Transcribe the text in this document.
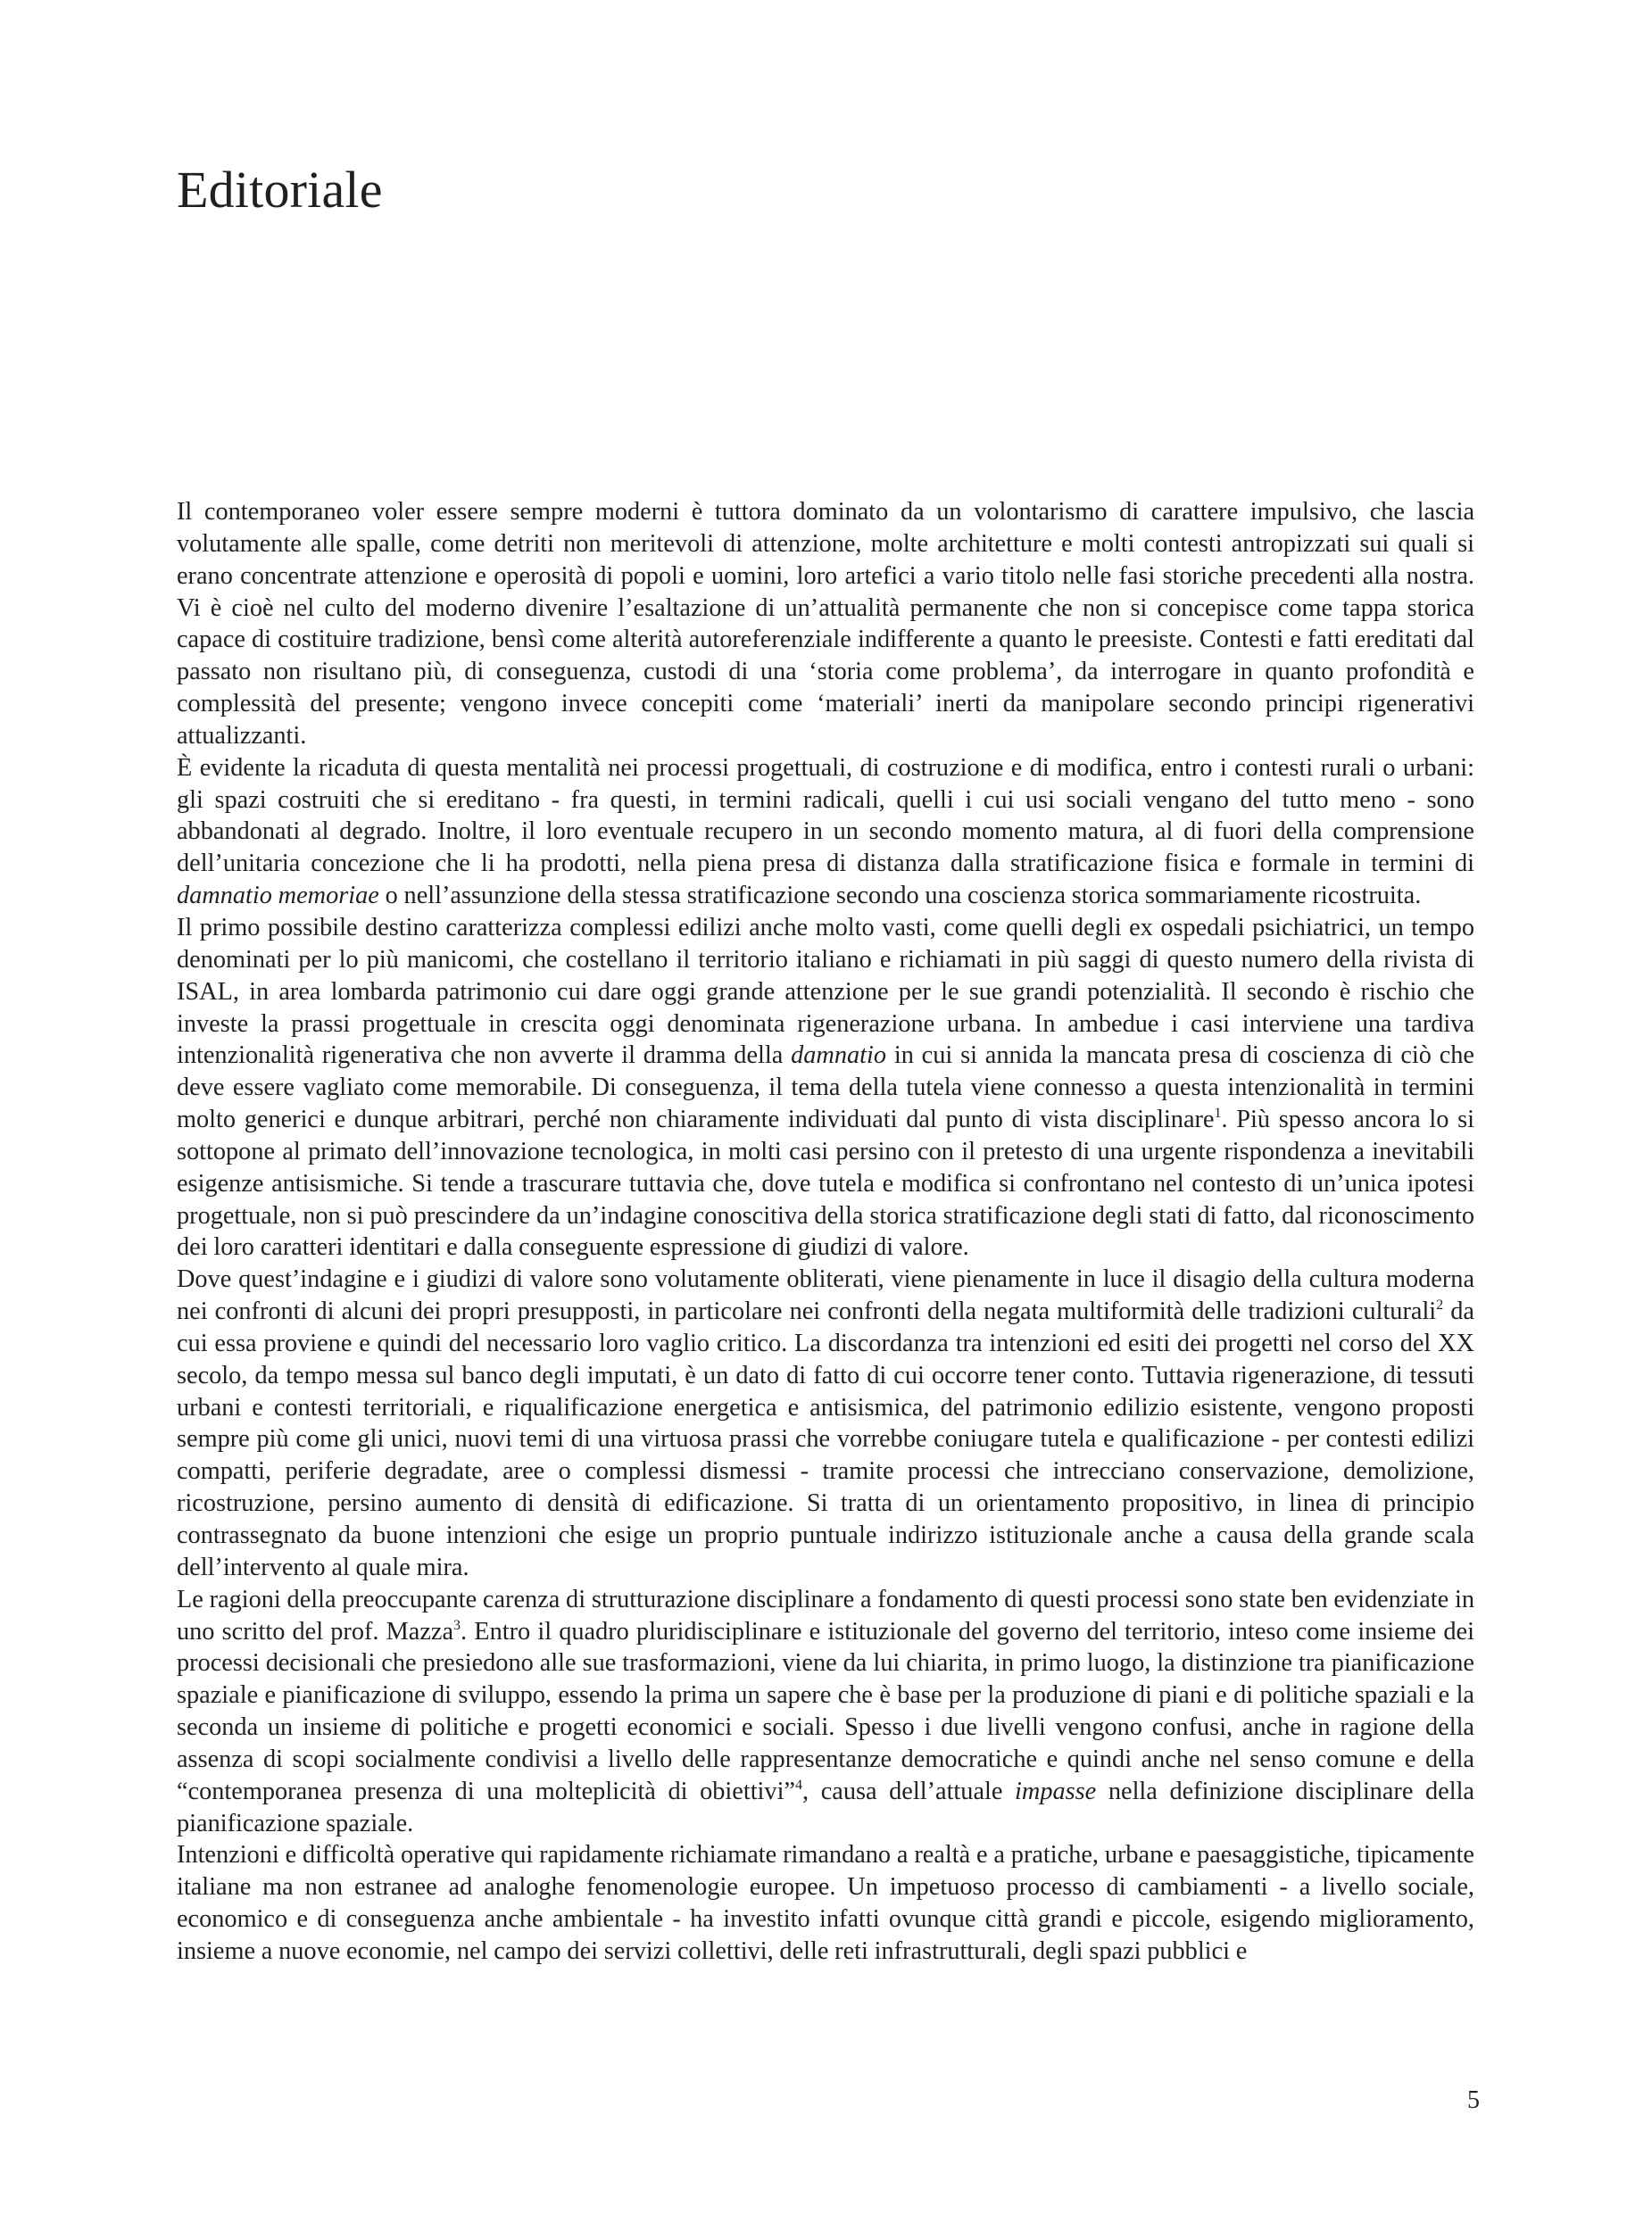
Editoriale

Il contemporaneo voler essere sempre moderni è tuttora dominato da un volontarismo di carattere impulsivo, che lascia volutamente alle spalle, come detriti non meritevoli di attenzione, molte architetture e molti contesti antropizzati sui quali si erano concentrate attenzione e operosità di popoli e uomini, loro artefici a vario titolo nelle fasi storiche precedenti alla nostra. Vi è cioè nel culto del moderno divenire l’esaltazione di un’attualità permanente che non si concepisce come tappa storica capace di costituire tradizione, bensì come alterità autoreferenziale indifferente a quanto le preesiste. Contesti e fatti ereditati dal passato non risultano più, di conseguenza, custodi di una ‘storia come problema’, da interrogare in quanto profondità e complessità del presente; vengono invece concepiti come ‘materiali’ inerti da manipolare secondo principi rigenerativi attualizzanti.

È evidente la ricaduta di questa mentalità nei processi progettuali, di costruzione e di modifica, entro i contesti rurali o urbani: gli spazi costruiti che si ereditano - fra questi, in termini radicali, quelli i cui usi sociali vengano del tutto meno - sono abbandonati al degrado. Inoltre, il loro eventuale recupero in un secondo momento matura, al di fuori della comprensione dell’unitaria concezione che li ha prodotti, nella piena presa di distanza dalla stratificazione fisica e formale in termini di damnatio memoriae o nell’assunzione della stessa stratificazione secondo una coscienza storica sommariamente ricostruita.

Il primo possibile destino caratterizza complessi edilizi anche molto vasti, come quelli degli ex ospedali psichiatrici, un tempo denominati per lo più manicomi, che costellano il territorio italiano e richiamati in più saggi di questo numero della rivista di ISAL, in area lombarda patrimonio cui dare oggi grande attenzione per le sue grandi potenzialità. Il secondo è rischio che investe la prassi progettuale in crescita oggi denominata rigenerazione urbana. In ambedue i casi interviene una tardiva intenzionalità rigenerativa che non avverte il dramma della damnatio in cui si annida la mancata presa di coscienza di ciò che deve essere vagliato come memorabile. Di conseguenza, il tema della tutela viene connesso a questa intenzionalità in termini molto generici e dunque arbitrari, perché non chiaramente individuati dal punto di vista disciplinare$^1$. Più spesso ancora lo si sottopone al primato dell’innovazione tecnologica, in molti casi persino con il pretesto di una urgente rispondenza a inevitabili esigenze antisismiche. Si tende a trascurare tuttavia che, dove tutela e modifica si confrontano nel contesto di un’unica ipotesi progettuale, non si può prescindere da un’indagine conoscitiva della storica stratificazione degli stati di fatto, dal riconoscimento dei loro caratteri identitari e dalla conseguente espressione di giudizi di valore.

Dove quest’indagine e i giudizi di valore sono volutamente obliterati, viene pienamente in luce il disagio della cultura moderna nei confronti di alcuni dei propri presupposti, in particolare nei confronti della negata multiformità delle tradizioni culturali$^2$ da cui essa proviene e quindi del necessario loro vaglio critico. La discordanza tra intenzioni ed esiti dei progetti nel corso del XX secolo, da tempo messa sul banco degli imputati, è un dato di fatto di cui occorre tener conto. Tuttavia rigenerazione, di tessuti urbani e contesti territoriali, e riqualificazione energetica e antisismica, del patrimonio edilizio esistente, vengono proposti sempre più come gli unici, nuovi temi di una virtuosa prassi che vorrebbe coniugare tutela e qualificazione - per contesti edilizi compatti, periferie degradate, aree o complessi dismessi - tramite processi che intrecciano conservazione, demolizione, ricostruzione, persino aumento di densità di edificazione. Si tratta di un orientamento propositivo, in linea di principio contrassegnato da buone intenzioni che esige un proprio puntuale indirizzo istituzionale anche a causa della grande scala dell’intervento al quale mira.

Le ragioni della preoccupante carenza di strutturazione disciplinare a fondamento di questi processi sono state ben evidenziate in uno scritto del prof. Mazza$^3$. Entro il quadro pluridisciplinare e istituzionale del governo del territorio, inteso come insieme dei processi decisionali che presiedono alle sue trasformazioni, viene da lui chiarita, in primo luogo, la distinzione tra pianificazione spaziale e pianificazione di sviluppo, essendo la prima un sapere che è base per la produzione di piani e di politiche spaziali e la seconda un insieme di politiche e progetti economici e sociali. Spesso i due livelli vengono confusi, anche in ragione della assenza di scopi socialmente condivisi a livello delle rappresentanze democratiche e quindi anche nel senso comune e della “contemporanea presenza di una molteplicità di obiettivi”$^4$, causa dell’attuale impasse nella definizione disciplinare della pianificazione spaziale.

Intenzioni e difficoltà operative qui rapidamente richiamate rimandano a realtà e a pratiche, urbane e paesaggistiche, tipicamente italiane ma non estranee ad analoghe fenomenologie europee. Un impetuoso processo di cambiamenti - a livello sociale, economico e di conseguenza anche ambientale - ha investito infatti ovunque città grandi e piccole, esigendo miglioramento, insieme a nuove economie, nel campo dei servizi collettivi, delle reti infrastrutturali, degli spazi pubblici e

5
